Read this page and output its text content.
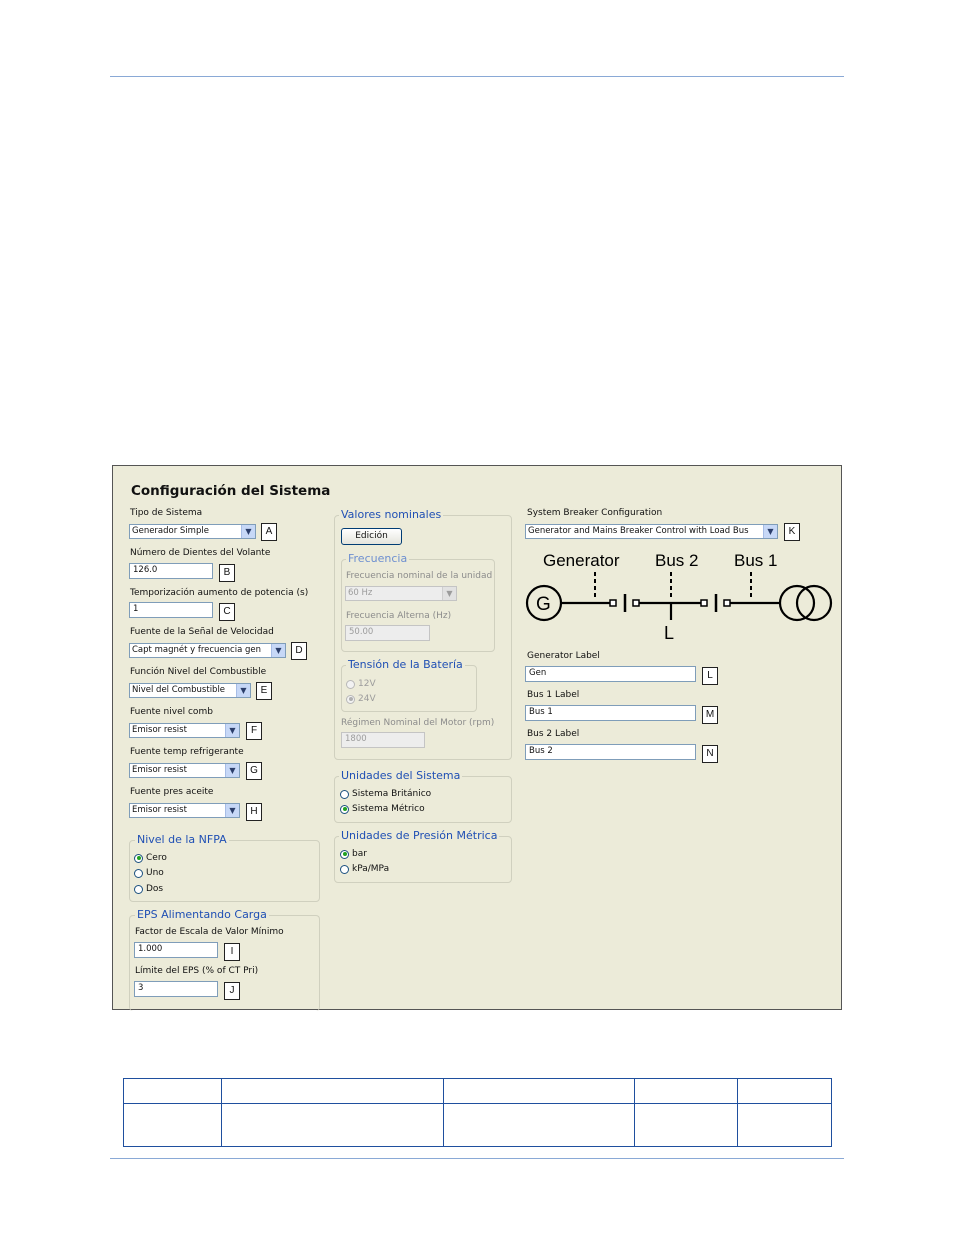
Configuración del Sistema
Tipo de Sistema
Generador Simple	▼	A
Número de Dientes del Volante
126.0	B
Temporización aumento de potencia (s)
1	C
Fuente de la Señal de Velocidad
Capt magnét y frecuencia gen	▼	D
Función Nivel del Combustible
Nivel del Combustible	▼	E
Fuente nivel comb
Emisor resist	▼	F
Fuente temp refrigerante
Emisor resist	▼	G
Fuente pres aceite
Emisor resist	▼	H
Nivel de la NFPA
Cero
Uno
Dos
EPS Alimentando Carga
Factor de Escala de Valor Mínimo
1.000	I
Límite del EPS (% of CT Pri)
3	J
Valores nominales
Edición
Frecuencia
Frecuencia nominal de la unidad
60 Hz	▼
Frecuencia Alterna (Hz)
50.00
Tensión de la Batería
12V
24V
Régimen Nominal del Motor (rpm)
1800
Unidades del Sistema
Sistema Británico
Sistema Métrico
Unidades de Presión Métrica
bar
kPa/MPa
System Breaker Configuration
Generator and Mains Breaker Control with Load Bus	▼	K
Generator Bus 2 Bus 1
G
L
Generator Label
Gen	L
Bus 1 Label
Bus 1	M
Bus 2 Label
Bus 2	N
